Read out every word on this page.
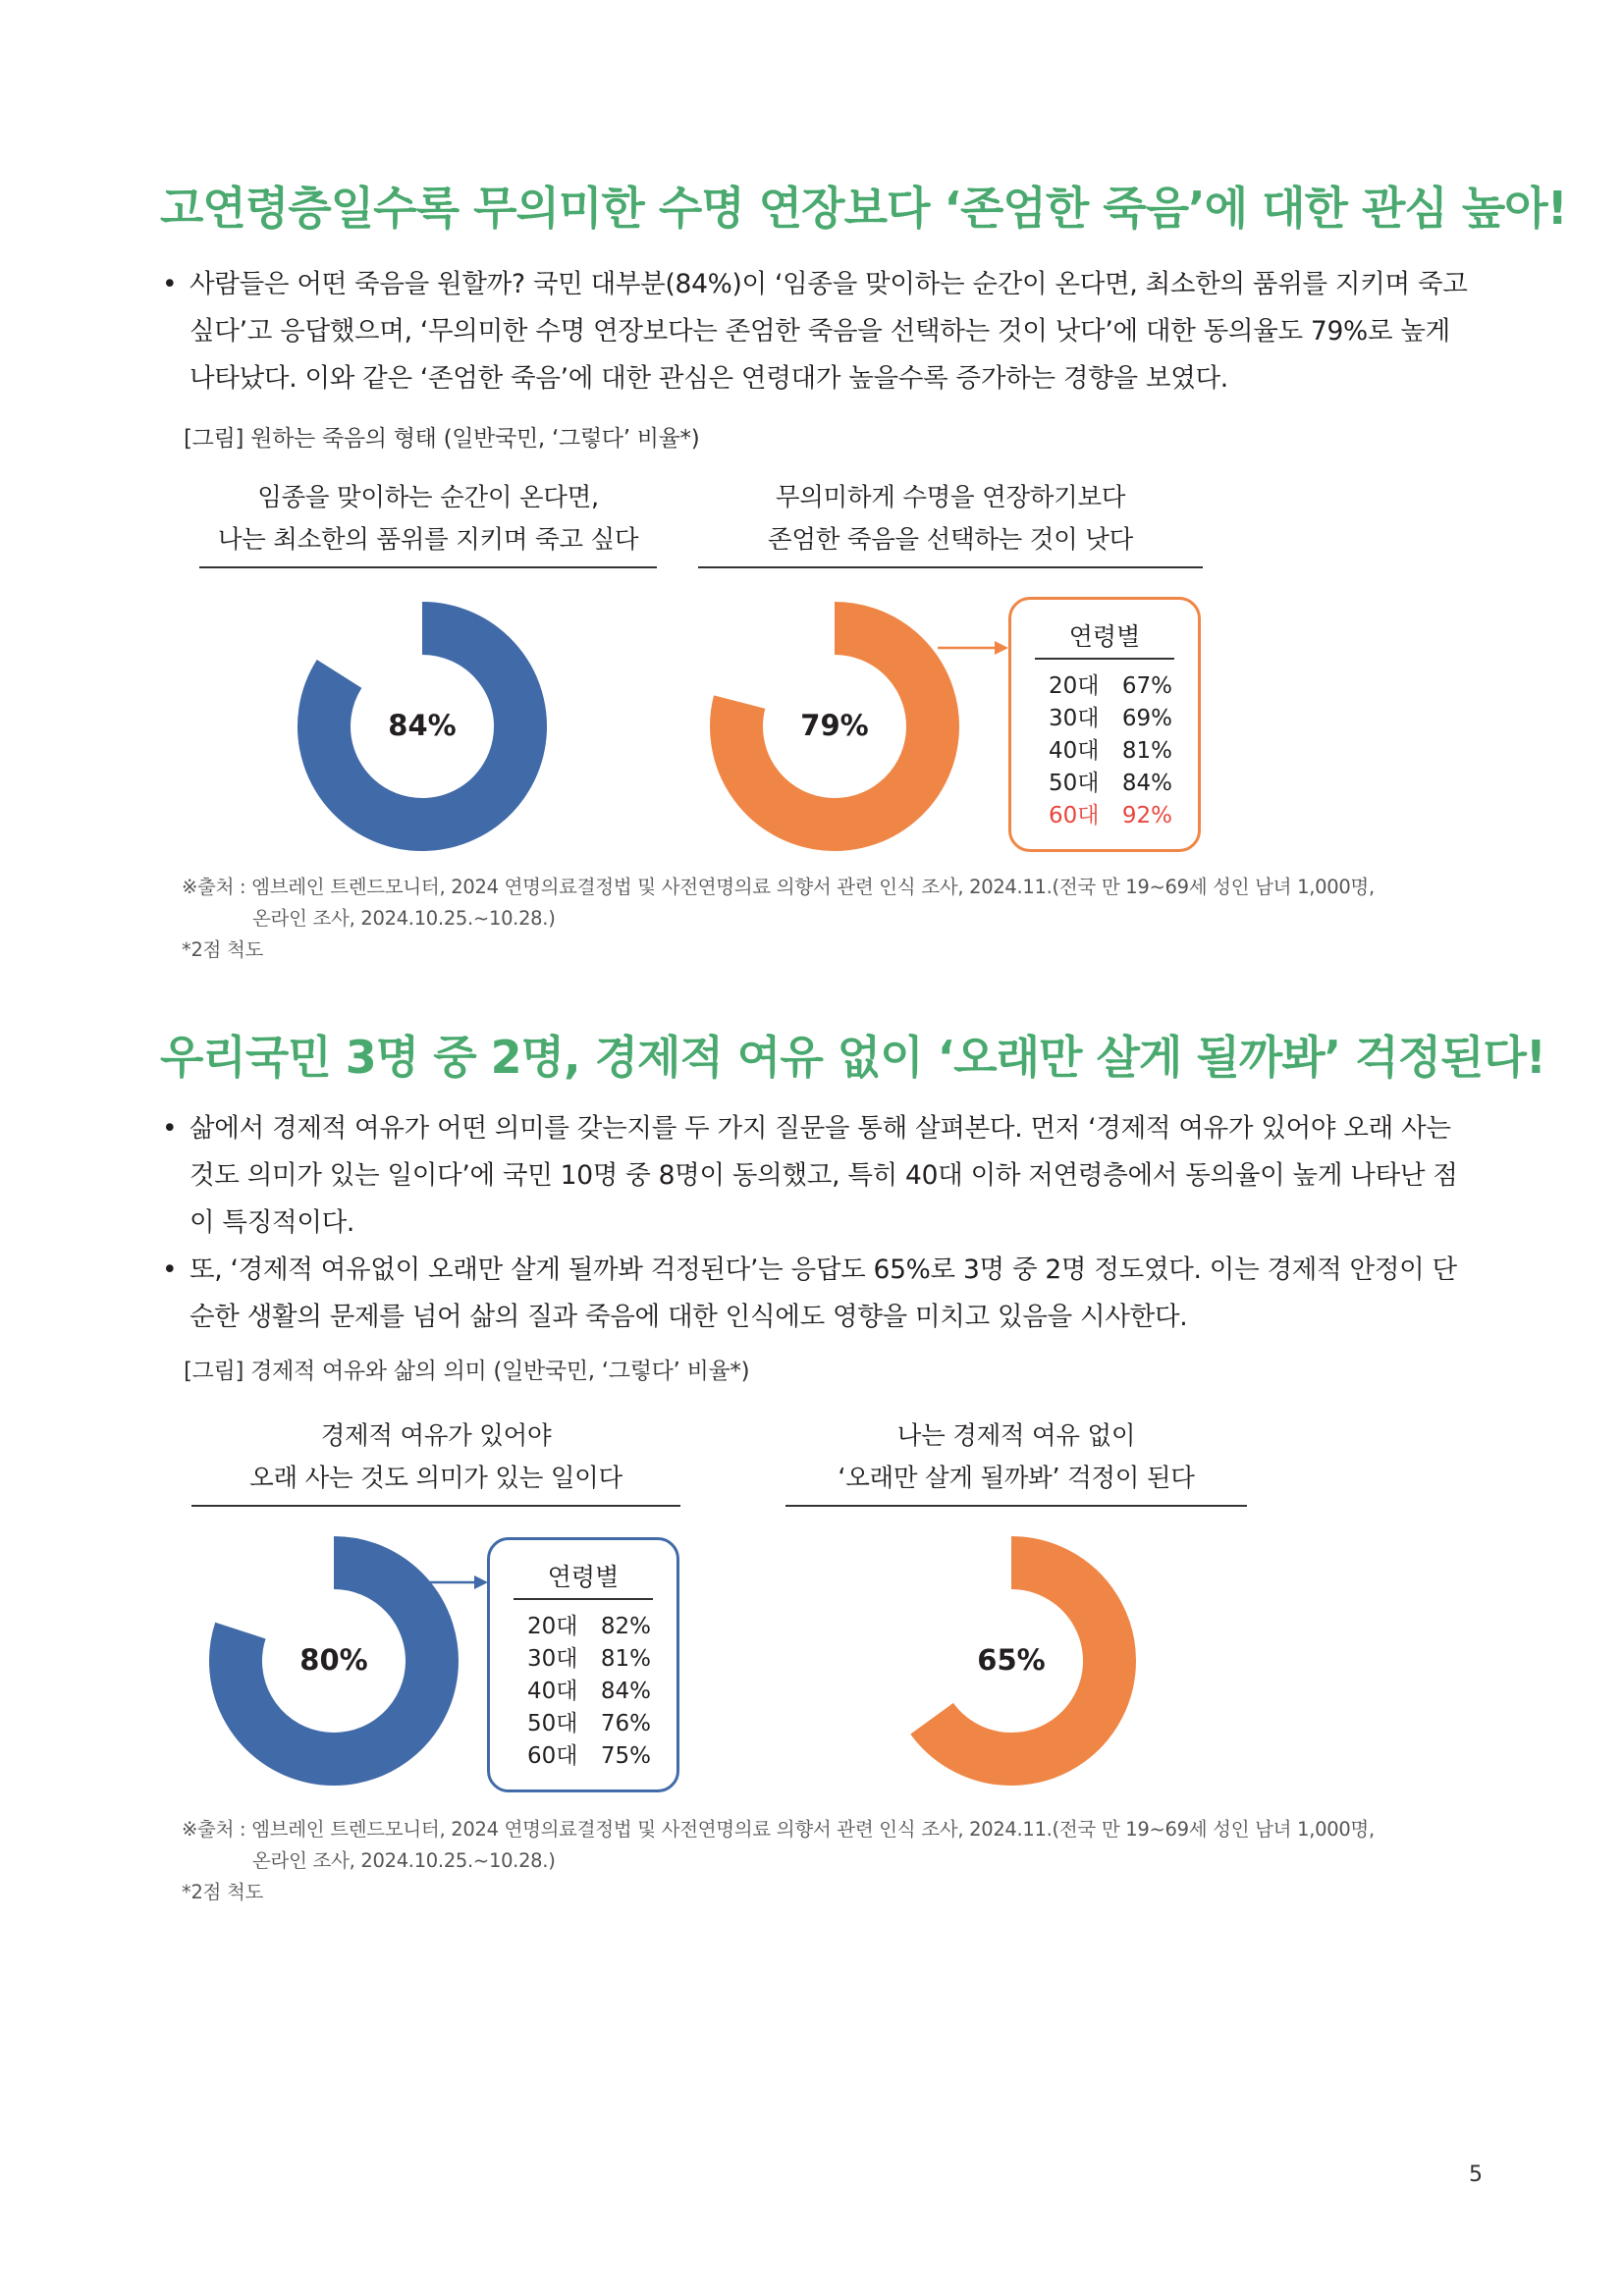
고연령층일수록 무의미한 수명 연장보다 ‘존엄한 죽음’에 대한 관심 높아!
• 사람들은 어떤 죽음을 원할까? 국민 대부분(84%)이 ‘임종을 맞이하는 순간이 온다면, 최소한의 품위를 지키며 죽고 싶다’고 응답했으며, ‘무의미한 수명 연장보다는 존엄한 죽음을 선택하는 것이 낫다’에 대한 동의율도 79%로 높게 나타났다. 이와 같은 ‘존엄한 죽음’에 대한 관심은 연령대가 높을수록 증가하는 경향을 보였다.
[그림] 원하는 죽음의 형태 (일반국민, ‘그렇다’ 비율*)
임종을 맞이하는 순간이 온다면,
나는 최소한의 품위를 지키며 죽고 싶다
84%
무의미하게 수명을 연장하기보다
존엄한 죽음을 선택하는 것이 낫다
79%
연령별
20대 67%
30대 69%
40대 81%
50대 84%
60대 92%
※출처 : 엠브레인 트렌드모니터, 2024 연명의료결정법 및 사전연명의료 의향서 관련 인식 조사, 2024.11.(전국 만 19~69세 성인 남녀 1,000명,
온라인 조사, 2024.10.25.~10.28.)
*2점 척도
우리국민 3명 중 2명, 경제적 여유 없이 ‘오래만 살게 될까봐’ 걱정된다!
• 삶에서 경제적 여유가 어떤 의미를 갖는지를 두 가지 질문을 통해 살펴본다. 먼저 ‘경제적 여유가 있어야 오래 사는 것도 의미가 있는 일이다’에 국민 10명 중 8명이 동의했고, 특히 40대 이하 저연령층에서 동의율이 높게 나타난 점이 특징적이다.
• 또, ‘경제적 여유없이 오래만 살게 될까봐 걱정된다’는 응답도 65%로 3명 중 2명 정도였다. 이는 경제적 안정이 단순한 생활의 문제를 넘어 삶의 질과 죽음에 대한 인식에도 영향을 미치고 있음을 시사한다.
[그림] 경제적 여유와 삶의 의미 (일반국민, ‘그렇다’ 비율*)
경제적 여유가 있어야
오래 사는 것도 의미가 있는 일이다
80%
연령별
20대 82%
30대 81%
40대 84%
50대 76%
60대 75%
나는 경제적 여유 없이
‘오래만 살게 될까봐’ 걱정이 된다
65%
※출처 : 엠브레인 트렌드모니터, 2024 연명의료결정법 및 사전연명의료 의향서 관련 인식 조사, 2024.11.(전국 만 19~69세 성인 남녀 1,000명,
온라인 조사, 2024.10.25.~10.28.)
*2점 척도
5
